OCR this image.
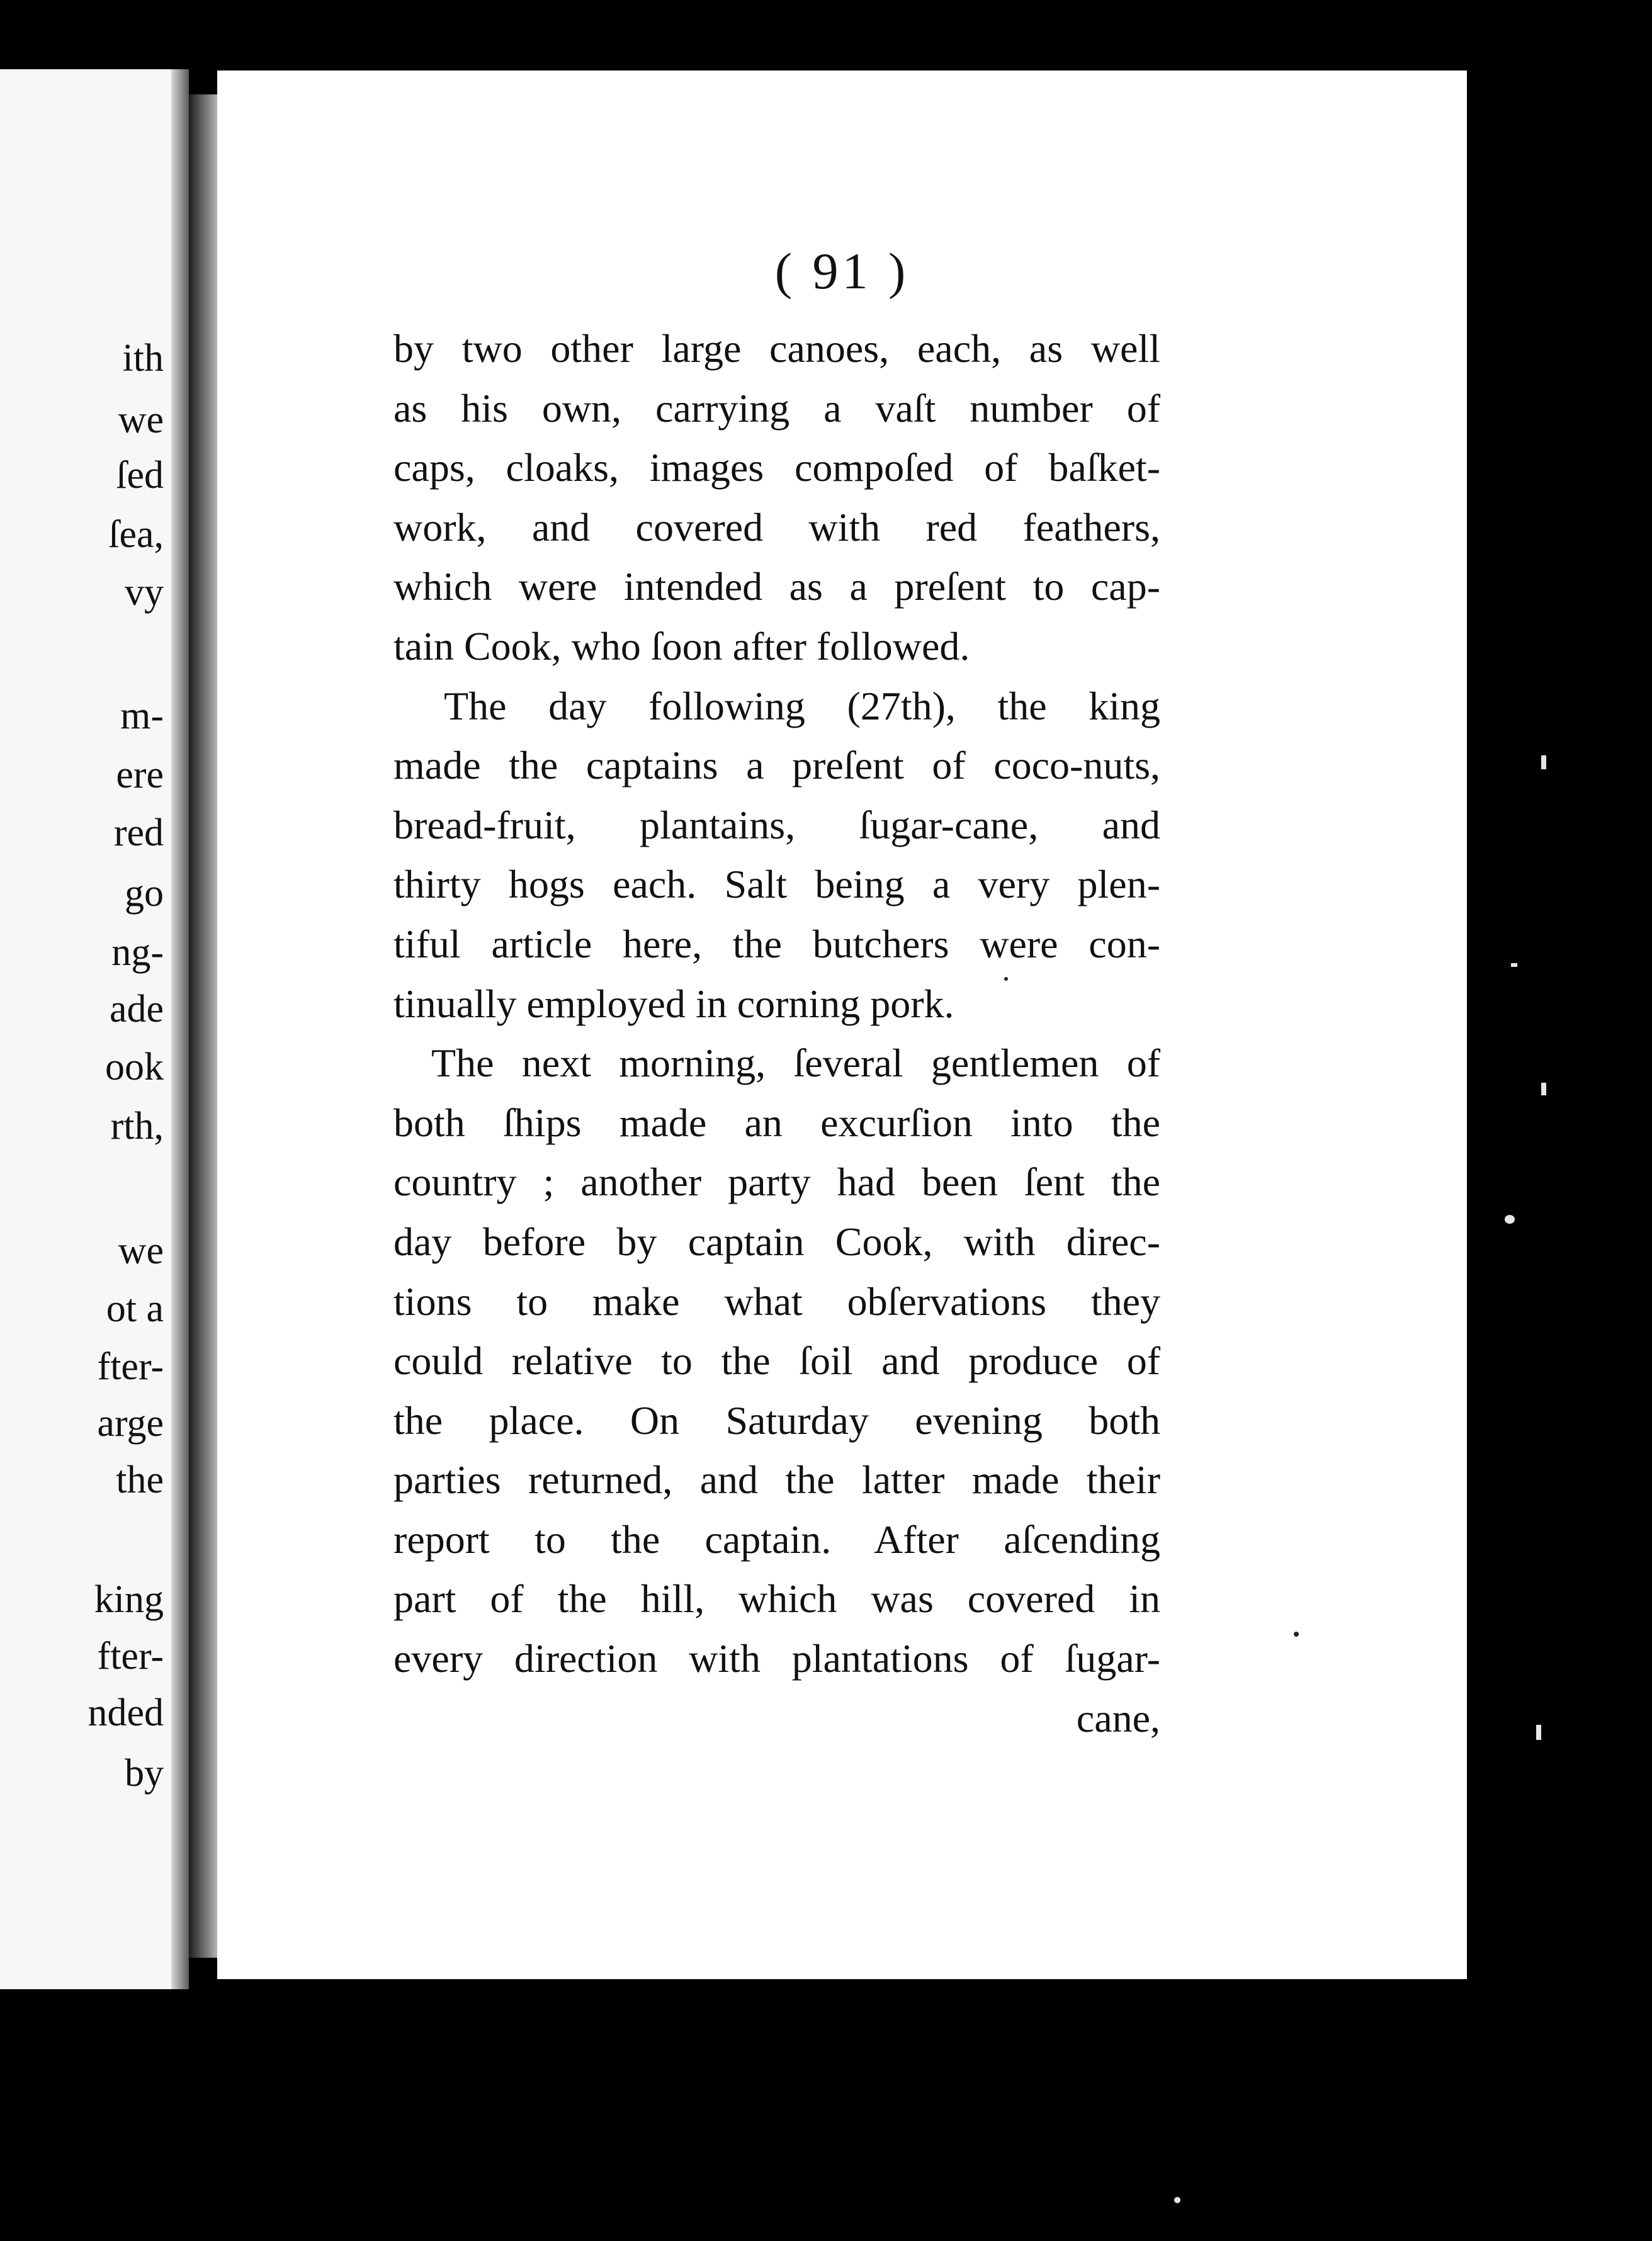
ith
we
ſed
ſea,
vy
m-
ere
red
go
ng-
ade
ook
rth,
we
ot a
fter-
arge
the
king
fter-
nded
by
( 91 )
by two other large canoes, each, as well
as his own, carrying a vaſt number of
caps, cloaks, images compoſed of baſket-
work, and covered with red feathers,
which were intended as a preſent to cap-
tain Cook, who ſoon after followed.
The day following (27th), the king
made the captains a preſent of coco-nuts,
bread-fruit, plantains, ſugar-cane, and
thirty hogs each. Salt being a very plen-
tiful article here, the butchers were con-
tinually employed in corning pork.
The next morning, ſeveral gentlemen of
both ſhips made an excurſion into the
country ; another party had been ſent the
day before by captain Cook, with direc-
tions to make what obſervations they
could relative to the ſoil and produce of
the place. On Saturday evening both
parties returned, and the latter made their
report to the captain. After aſcending
part of the hill, which was covered in
every direction with plantations of ſugar-
cane,
